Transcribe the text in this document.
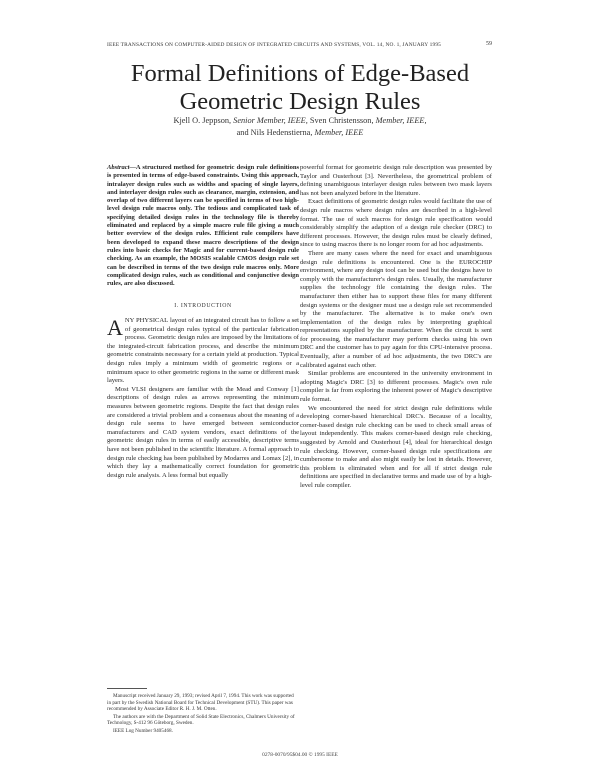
IEEE TRANSACTIONS ON COMPUTER-AIDED DESIGN OF INTEGRATED CIRCUITS AND SYSTEMS, VOL. 14, NO. 1, JANUARY 1995	59
Formal Definitions of Edge-Based Geometric Design Rules
Kjell O. Jeppson, Senior Member, IEEE, Sven Christensson, Member, IEEE,
and Nils Hedenstierna, Member, IEEE
Abstract—A structured method for geometric design rule definitions is presented in terms of edge-based constraints. Using this approach, intralayer design rules such as widths and spacing of single layers, and interlayer design rules such as clearance, margin, extension, and overlap of two different layers can be specified in terms of two high-level design rule macros only. The tedious and complicated task of specifying detailed design rules in the technology file is thereby eliminated and replaced by a simple macro rule file giving a much better overview of the design rules. Efficient rule compilers have been developed to expand these macro descriptions of the design rules into basic checks for Magic and for current-based design rule checking. As an example, the MOSIS scalable CMOS design rule set can be described in terms of the two design rule macros only. More complicated design rules, such as conditional and conjunctive design rules, are also discussed.
I. INTRODUCTION

ANY PHYSICAL layout of an integrated circuit has to follow a set of geometrical design rules typical of the particular fabrication process. Geometric design rules are imposed by the limitations of the integrated-circuit fabrication process, and describe the minimum geometric constraints necessary for a certain yield at production. Typical design rules imply a minimum width of geometric regions or a minimum space to other geometric regions in the same or different mask layers.

Most VLSI designers are familiar with the Mead and Conway [1] descriptions of design rules as arrows representing the minimum measures between geometric regions. Despite the fact that design rules are considered a trivial problem and a consensus about the meaning of a design rule seems to have emerged between semiconductor manufacturers and CAD system vendors, exact definitions of the geometric design rules in terms of easily accessible, descriptive terms have not been published in the scientific literature. A formal approach to design rule checking has been published by Modarres and Lomax [2], in which they lay a mathematically correct foundation for geometric design rule analysis. A less formal but equally

Manuscript received January 29, 1993; revised April 7, 1994. This work was supported in part by the Swedish National Board for Technical Development (STU). This paper was recommended by Associate Editor R. H. J. M. Otten.

The authors are with the Department of Solid State Electronics, Chalmers University of Technology, S-412 96 Göteborg, Sweden.

IEEE Log Number 9405468.

powerful format for geometric design rule description was presented by Taylor and Ousterhout [3]. Nevertheless, the geometrical problem of defining unambiguous interlayer design rules between two mask layers has not been analyzed before in the literature.

Exact definitions of geometric design rules would facilitate the use of design rule macros where design rules are described in a high-level format. The use of such macros for design rule specification would considerably simplify the adaption of a design rule checker (DRC) to different processes. However, the design rules must be clearly defined, since to using macros there is no longer room for ad hoc adjustments.

There are many cases where the need for exact and unambiguous design rule definitions is encountered. One is the EUROCHIP environment, where any design tool can be used but the designs have to comply with the manufacturer's design rules. Usually, the manufacturer supplies the technology file containing the design rules. The manufacturer then either has to support these files for many different design systems or the designer must use a design rule set recommended by the manufacturer. The alternative is to make one's own implementation of the design rules by interpreting graphical representations supplied by the manufacturer. When the circuit is sent for processing, the manufacturer may perform checks using his own DRC and the customer has to pay again for this CPU-intensive process. Eventually, after a number of ad hoc adjustments, the two DRC's are calibrated against each other.

Similar problems are encountered in the university environment in adopting Magic's DRC [3] to different processes. Magic's own rule compiler is far from exploring the inherent power of Magic's descriptive rule format.

We encountered the need for strict design rule definitions while developing corner-based hierarchical DRC's. Because of a locality, corner-based design rule checking can be used to check small areas of layout independently. This makes corner-based design rule checking, suggested by Arnold and Ousterhout [4], ideal for hierarchical design rule checking. However, corner-based design rule specifications are cumbersome to make and also might easily be lost in details. However, this problem is eliminated when and for all if strict design rule definitions are specified in declarative terms and made use of by a high-level rule compiler.

0278-0070/95$04.00 © 1995 IEEE
